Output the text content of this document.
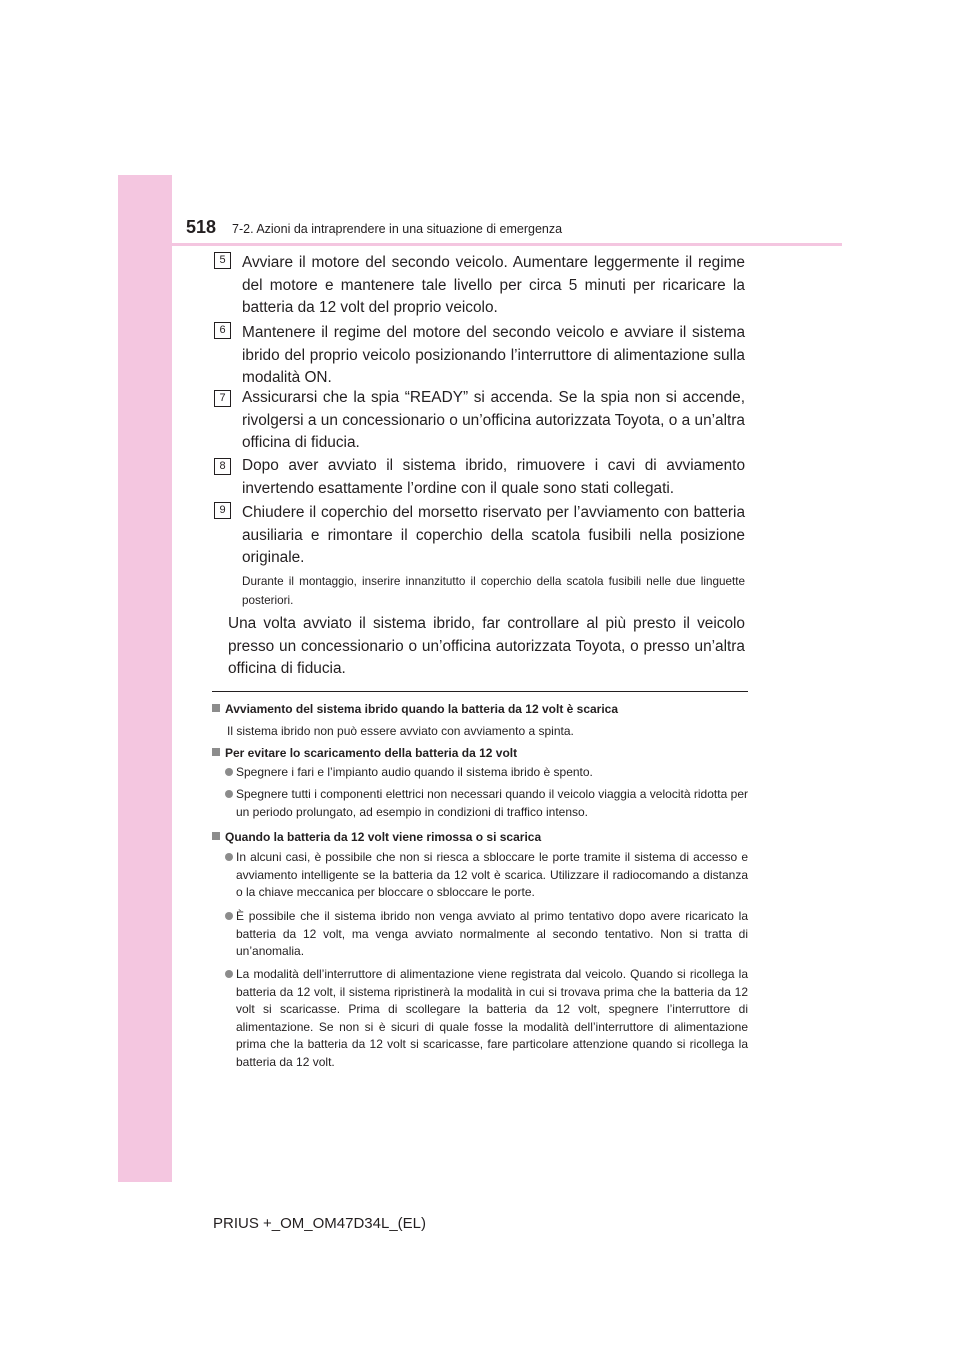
518 7-2. Azioni da intraprendere in una situazione di emergenza
5	Avviare il motore del secondo veicolo. Aumentare leggermente il regime del motore e mantenere tale livello per circa 5 minuti per ricaricare la batteria da 12 volt del proprio veicolo.
6	Mantenere il regime del motore del secondo veicolo e avviare il sistema ibrido del proprio veicolo posizionando l’interruttore di alimentazione sulla modalità ON.
7	Assicurarsi che la spia “READY” si accenda. Se la spia non si accende, rivolgersi a un concessionario o un’officina autorizzata Toyota, o a un’altra officina di fiducia.
8	Dopo aver avviato il sistema ibrido, rimuovere i cavi di avviamento invertendo esattamente l’ordine con il quale sono stati collegati.
9	Chiudere il coperchio del morsetto riservato per l’avviamento con batteria ausiliaria e rimontare il coperchio della scatola fusibili nella posizione originale.
Durante il montaggio, inserire innanzitutto il coperchio della scatola fusibili nelle due linguette posteriori.
Una volta avviato il sistema ibrido, far controllare al più presto il veicolo presso un concessionario o un’officina autorizzata Toyota, o presso un’altra officina di fiducia.
Avviamento del sistema ibrido quando la batteria da 12 volt è scarica
Il sistema ibrido non può essere avviato con avviamento a spinta.
Per evitare lo scaricamento della batteria da 12 volt
Spegnere i fari e l’impianto audio quando il sistema ibrido è spento.
Spegnere tutti i componenti elettrici non necessari quando il veicolo viaggia a velocità ridotta per un periodo prolungato, ad esempio in condizioni di traffico intenso.
Quando la batteria da 12 volt viene rimossa o si scarica
In alcuni casi, è possibile che non si riesca a sbloccare le porte tramite il sistema di accesso e avviamento intelligente se la batteria da 12 volt è scarica. Utilizzare il radiocomando a distanza o la chiave meccanica per bloccare o sbloccare le porte.
È possibile che il sistema ibrido non venga avviato al primo tentativo dopo avere ricaricato la batteria da 12 volt, ma venga avviato normalmente al secondo tentativo. Non si tratta di un’anomalia.
La modalità dell’interruttore di alimentazione viene registrata dal veicolo. Quando si ricollega la batteria da 12 volt, il sistema ripristinerà la modalità in cui si trovava prima che la batteria da 12 volt si scaricasse. Prima di scollegare la batteria da 12 volt, spegnere l’interruttore di alimentazione. Se non si è sicuri di quale fosse la modalità dell’interruttore di alimentazione prima che la batteria da 12 volt si scaricasse, fare particolare attenzione quando si ricollega la batteria da 12 volt.
PRIUS +_OM_OM47D34L_(EL)
